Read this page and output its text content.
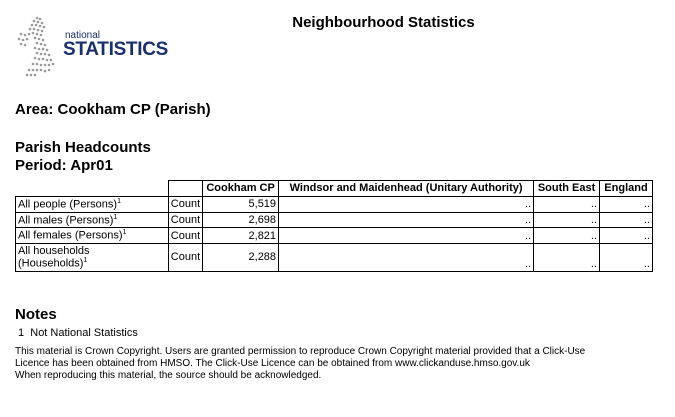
national
STATISTICS
Neighbourhood Statistics
Area: Cookham CP (Parish)
Parish Headcounts
Period: Apr01
		Cookham CP	Windsor and Maidenhead (Unitary Authority)	South East	England
All people (Persons)$^1$	Count	5,519	..	..	..
All males (Persons)$^1$	Count	2,698	..	..	..
All females (Persons)$^1$	Count	2,821	..	..	..
All households
(Households)$^1$	Count	2,288	..	..	..
Notes
1 Not National Statistics
This material is Crown Copyright. Users are granted permission to reproduce Crown Copyright material provided that a Click-Use
Licence has been obtained from HMSO. The Click-Use Licence can be obtained from www.clickanduse.hmso.gov.uk
When reproducing this material, the source should be acknowledged.
